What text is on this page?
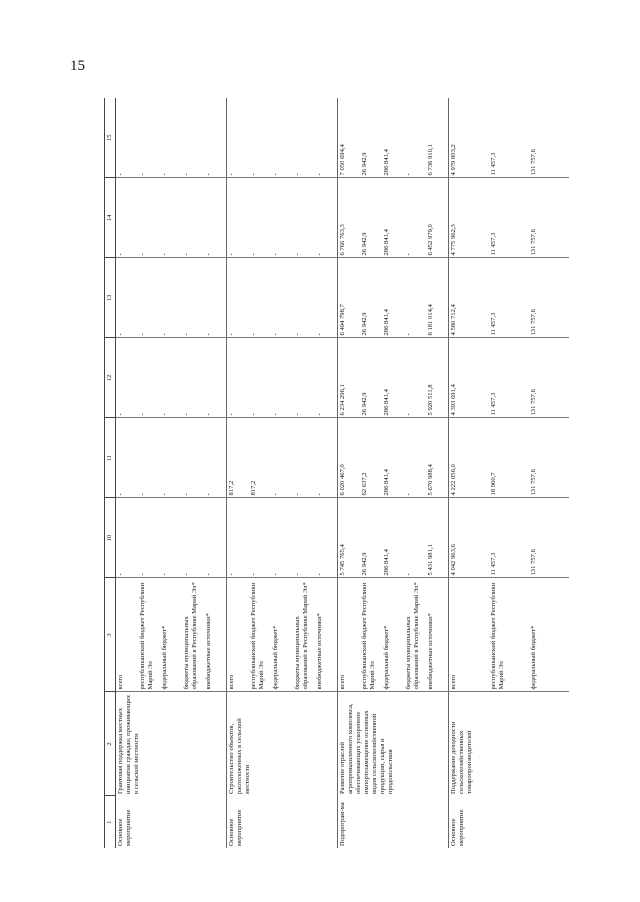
15
1	2	3	10	11	12	13	14	15
Основное мероприятие	Грантовая поддержка местных инициатив граждан, проживающих в сельской местности	всего	-	-	-	-	-	-
		республиканский бюджет Республики Марий Эл	-	-	-	-	-	-
		федеральный бюджет*	-	-	-	-	-	-
		бюджеты муниципальных образований в Республике Марий Эл*	-	-	-	-	-	-
		внебюджетные источники*	-	-	-	-	-	-
Основное мероприятие	Строительство объектов, расположенных в сельской местности	всего	-	817,2	-	-	-	-
		республиканский бюджет Республики Марий Эл	-	817,2	-	-	-	-
		федеральный бюджет*	-	-	-	-	-	-
		бюджеты муниципальных образований в Республике Марий Эл*	-	-	-	-	-	-
		внебюджетные источники*	-	-	-	-	-	-
Подпрограм-ма	Развитие отраслей агропромышленного комплекса, обеспечивающих ускоренное импортозамещение основных видов сельскохозяйственной продукции, сырья и продовольствия	всего	5 745 765,4	6 020 467,0	6 234 296,1	6 494 798,7	6 766 763,3	7 050 694,4
		республиканский бюджет Республики Марий Эл	26 942,9	62 637,2	26 942,9	26 942,9	26 942,9	26 942,9
		федеральный бюджет*	286 841,4	286 841,4	286 841,4	286 841,4	286 841,4	286 841,4
		бюджеты муниципальных образований в Республике Марий Эл*	-	-	-	-	-	-
		внебюджетные источники*	5 431 981,1	5 670 988,4	5 920 511,8	6 181 014,4	6 452 979,0	6 736 910,1
Основное мероприятие	Поддержание доходности сельскохозяйственных товаропроизводителей	всего	4 042 963,6	4 222 056,0	4 393 691,4	4 580 712,4	4 775 962,3	4 979 803,2
		республиканский бюджет Республики Марий Эл	11 457,3	18 960,7	11 457,3	11 457,3	11 457,3	11 457,3
		федеральный бюджет*	131 757,6	131 757,6	131 757,6	131 757,6	131 757,6	131 757,6
